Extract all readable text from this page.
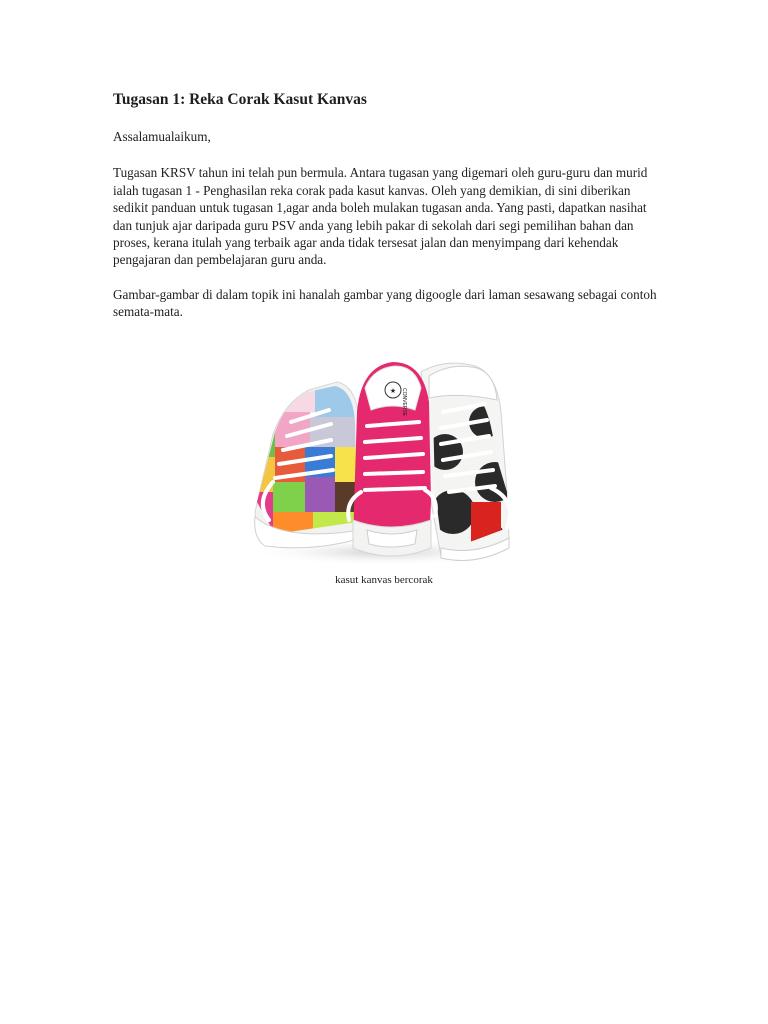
Tugasan 1: Reka Corak Kasut Kanvas

Assalamualaikum,

Tugasan KRSV tahun ini telah pun bermula. Antara tugasan yang digemari oleh guru-guru dan murid ialah tugasan 1 - Penghasilan reka corak pada kasut kanvas. Oleh yang demikian, di sini diberikan sedikit panduan untuk tugasan 1,agar anda boleh mulakan tugasan anda. Yang pasti, dapatkan nasihat dan tunjuk ajar daripada guru PSV anda yang lebih pakar di sekolah dari segi pemilihan bahan dan proses, kerana itulah yang terbaik agar anda tidak tersesat jalan dan menyimpang dari kehendak pengajaran dan pembelajaran guru anda.

Gambar-gambar di dalam topik ini hanalah gambar yang digoogle dari laman sesawang sebagai contoh semata-mata.

★ CONVERSE
kasut kanvas bercorak
